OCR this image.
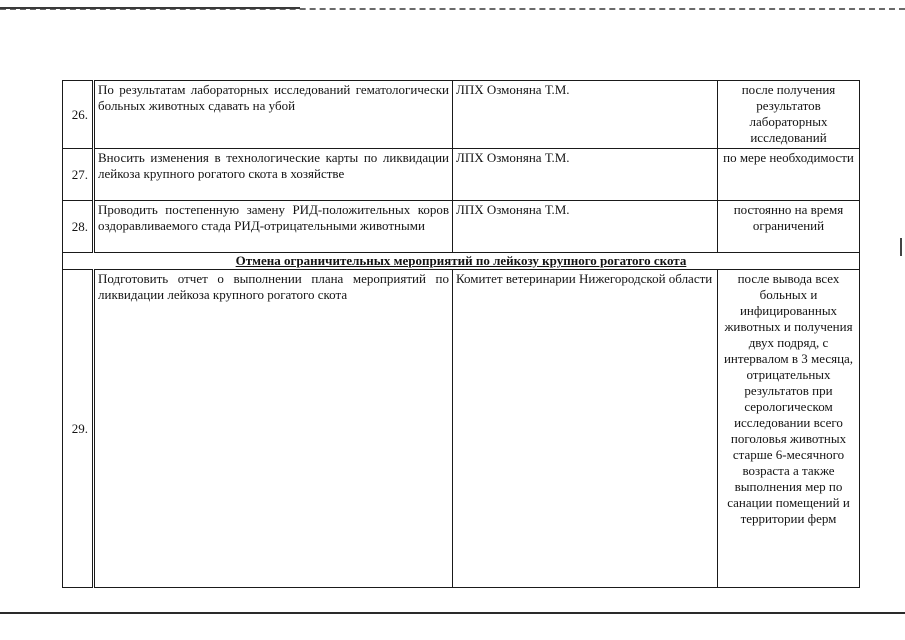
26.	По результатам лабораторных исследований гематологически больных животных сдавать на убой	ЛПХ Озмоняна Т.М.	после получения результатов лабораторных исследований
27.	Вносить изменения в технологические карты по ликвидации лейкоза крупного рогатого скота в хозяйстве	ЛПХ Озмоняна Т.М.	по мере необходимости
28.	Проводить постепенную замену РИД-положительных коров оздоравливаемого стада РИД-отрицательными животными	ЛПХ Озмоняна Т.М.	постоянно на время ограничений
Отмена ограничительных мероприятий по лейкозу крупного рогатого скота			
29.	Подготовить отчет о выполнении плана мероприятий по ликвидации лейкоза крупного рогатого скота	Комитет ветеринарии Нижегородской области	после вывода всех больных и инфицированных животных и получения двух подряд, с интервалом в 3 месяца, отрицательных результатов при серологическом исследовании всего поголовья животных старше 6-месячного возраста а также выполнения мер по санации помещений и территории ферм
